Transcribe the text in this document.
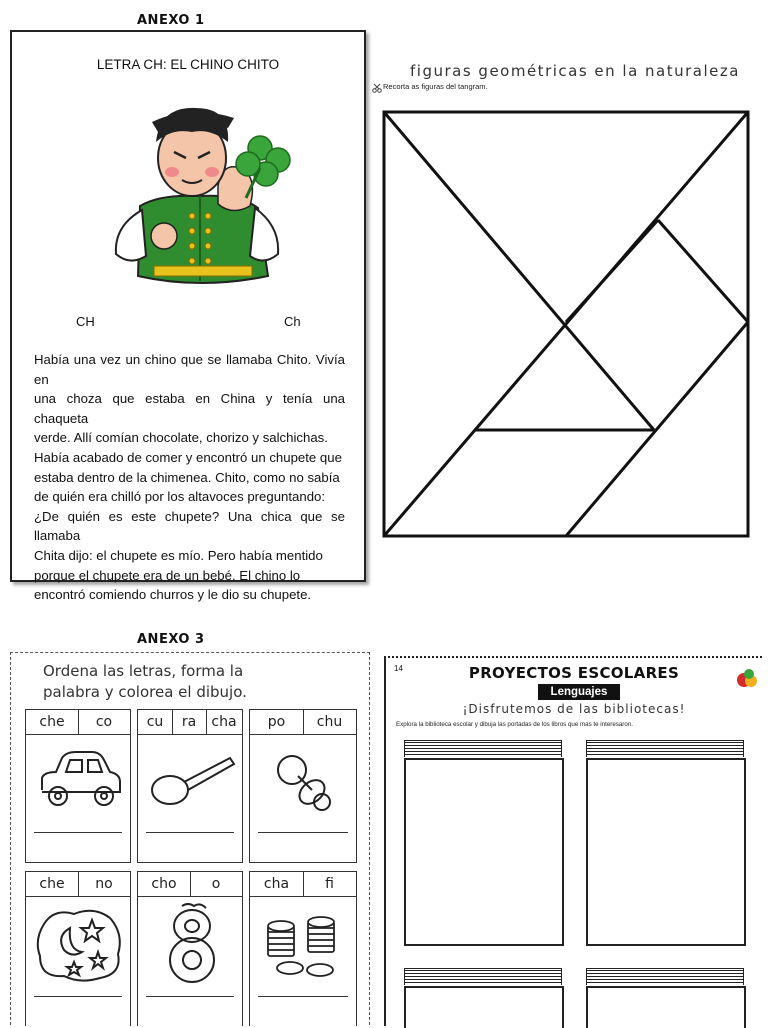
ANEXO 1
LETRA CH: EL CHINO CHITO
CH	Ch

Había una vez un chino que se llamaba Chito. Vivía en

una choza que estaba en China y tenía una chaqueta

verde. Allí comían chocolate, chorizo y salchichas.

Había acabado de comer y encontró un chupete que

estaba dentro de la chimenea. Chito, como no sabía

de quién era chilló por los altavoces preguntando:

¿De quién es este chupete? Una chica que se llamaba

Chita dijo: el chupete es mío. Pero había mentido

porque el chupete era de un bebé. El chino lo

encontró comiendo churros y le dio su chupete.

figuras geométricas en la naturaleza
Recorta as figuras del tangram.
ANEXO 3
Ordena las letras, forma la
palabra y colorea el dibujo.
che	co	cu	ra	cha	po	chu
che	no	cho	o	cha	fi
14	PROYECTOS ESCOLARES
Lenguajes
¡Disfrutemos de las bibliotecas!
Explora la biblioteca escolar y dibuja las portadas de los libros que mas te interesaron.
